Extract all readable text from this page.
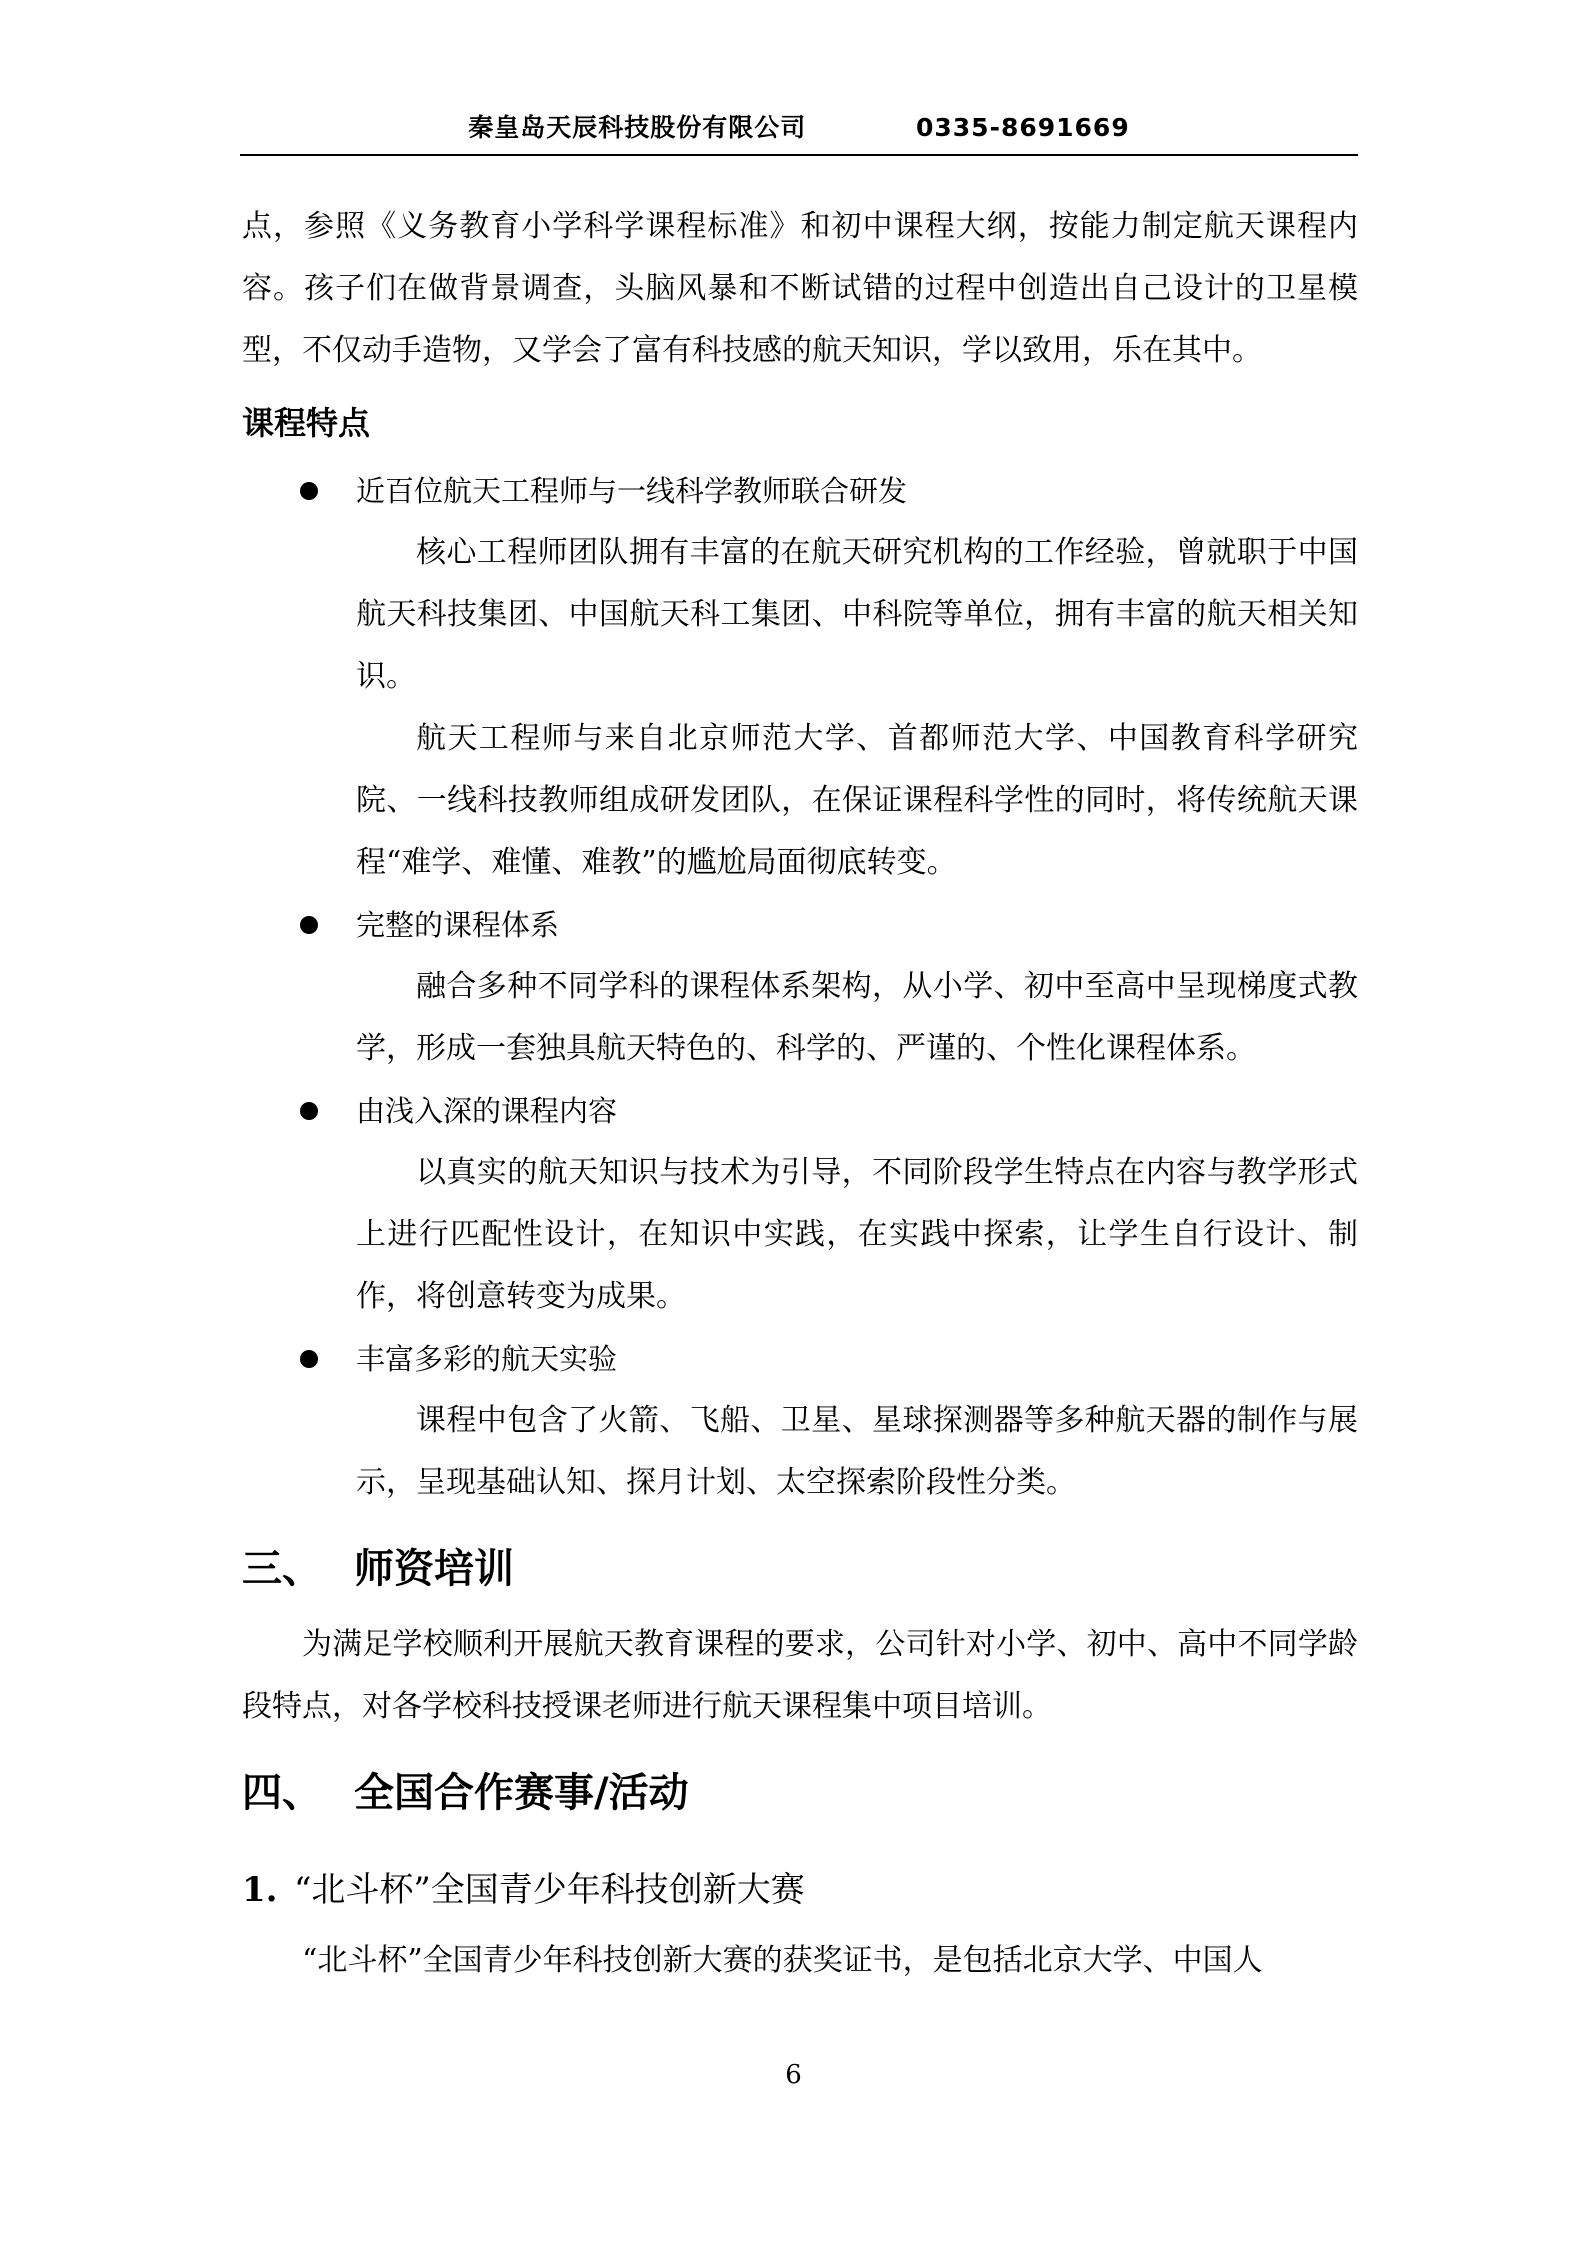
秦皇岛天辰科技股份有限公司	0335-8691669

点，参照《义务教育小学科学课程标准》和初中课程大纲，按能力制定航天课程内容。孩子们在做背景调查，头脑风暴和不断试错的过程中创造出自己设计的卫星模型，不仅动手造物，又学会了富有科技感的航天知识，学以致用，乐在其中。

课程特点
近百位航天工程师与一线科学教师联合研发

核心工程师团队拥有丰富的在航天研究机构的工作经验，曾就职于中国航天科技集团、中国航天科工集团、中科院等单位，拥有丰富的航天相关知识。

航天工程师与来自北京师范大学、首都师范大学、中国教育科学研究院、一线科技教师组成研发团队，在保证课程科学性的同时，将传统航天课程“难学、难懂、难教”的尴尬局面彻底转变。

完整的课程体系

融合多种不同学科的课程体系架构，从小学、初中至高中呈现梯度式教学，形成一套独具航天特色的、科学的、严谨的、个性化课程体系。

由浅入深的课程内容

以真实的航天知识与技术为引导，不同阶段学生特点在内容与教学形式上进行匹配性设计，在知识中实践，在实践中探索，让学生自行设计、制作，将创意转变为成果。

丰富多彩的航天实验

课程中包含了火箭、飞船、卫星、星球探测器等多种航天器的制作与展示，呈现基础认知、探月计划、太空探索阶段性分类。

三、 师资培训

为满足学校顺利开展航天教育课程的要求，公司针对小学、初中、高中不同学龄段特点，对各学校科技授课老师进行航天课程集中项目培训。

四、 全国合作赛事/活动
1. “北斗杯”全国青少年科技创新大赛

“北斗杯”全国青少年科技创新大赛的获奖证书，是包括北京大学、中国人

6
